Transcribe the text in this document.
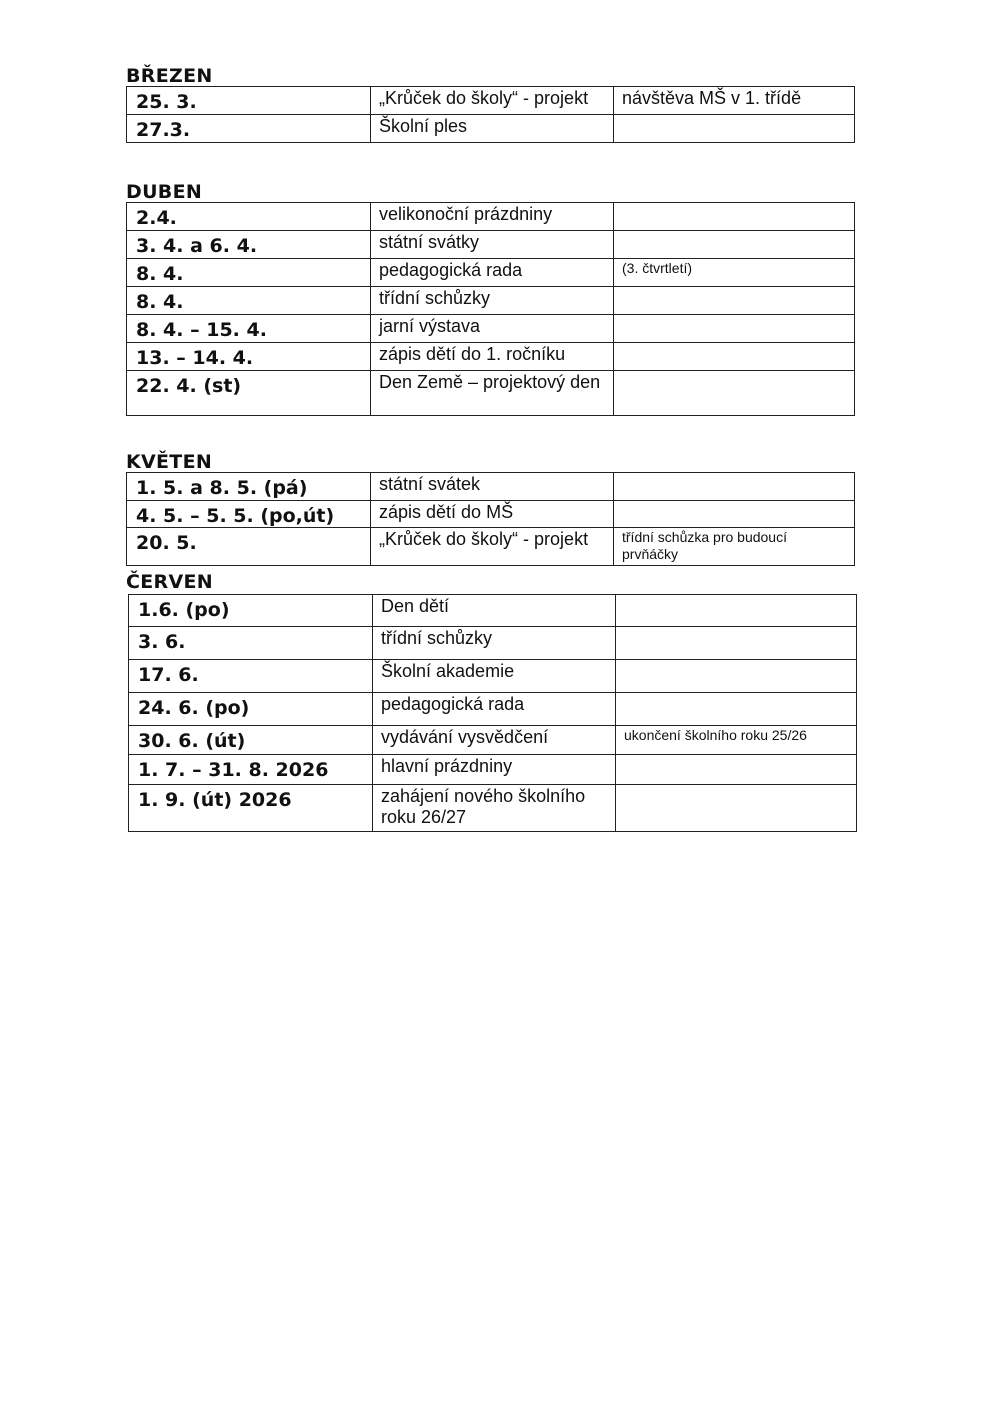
BŘEZEN
25. 3.	„Krůček do školy“ - projekt	návštěva MŠ v 1. třídě

27.3.	Školní ples	

DUBEN
2.4.	velikonoční prázdniny	

3. 4. a 6. 4.	státní svátky	

8. 4.	pedagogická rada	(3. čtvrtletí)

8. 4.	třídní schůzky	

8. 4. – 15. 4.	jarní výstava	

13. – 14. 4.	zápis dětí do 1. ročníku	

22. 4. (st)	Den Země – projektový den	

KVĚTEN
1. 5. a 8. 5. (pá)	státní svátek	

4. 5. – 5. 5. (po,út)	zápis dětí do MŠ	

20. 5.	„Krůček do školy“ - projekt	třídní schůzka pro budoucí prvňáčky
ČERVEN
1.6. (po)	Den dětí	

3. 6.	třídní schůzky	

17. 6.	Školní akademie	

24. 6. (po)	pedagogická rada	

30. 6. (út)	vydávání vysvědčení	ukončení školního roku 25/26

1. 7. – 31. 8. 2026	hlavní prázdniny	

1. 9. (út) 2026	zahájení nového školního roku 26/27	
